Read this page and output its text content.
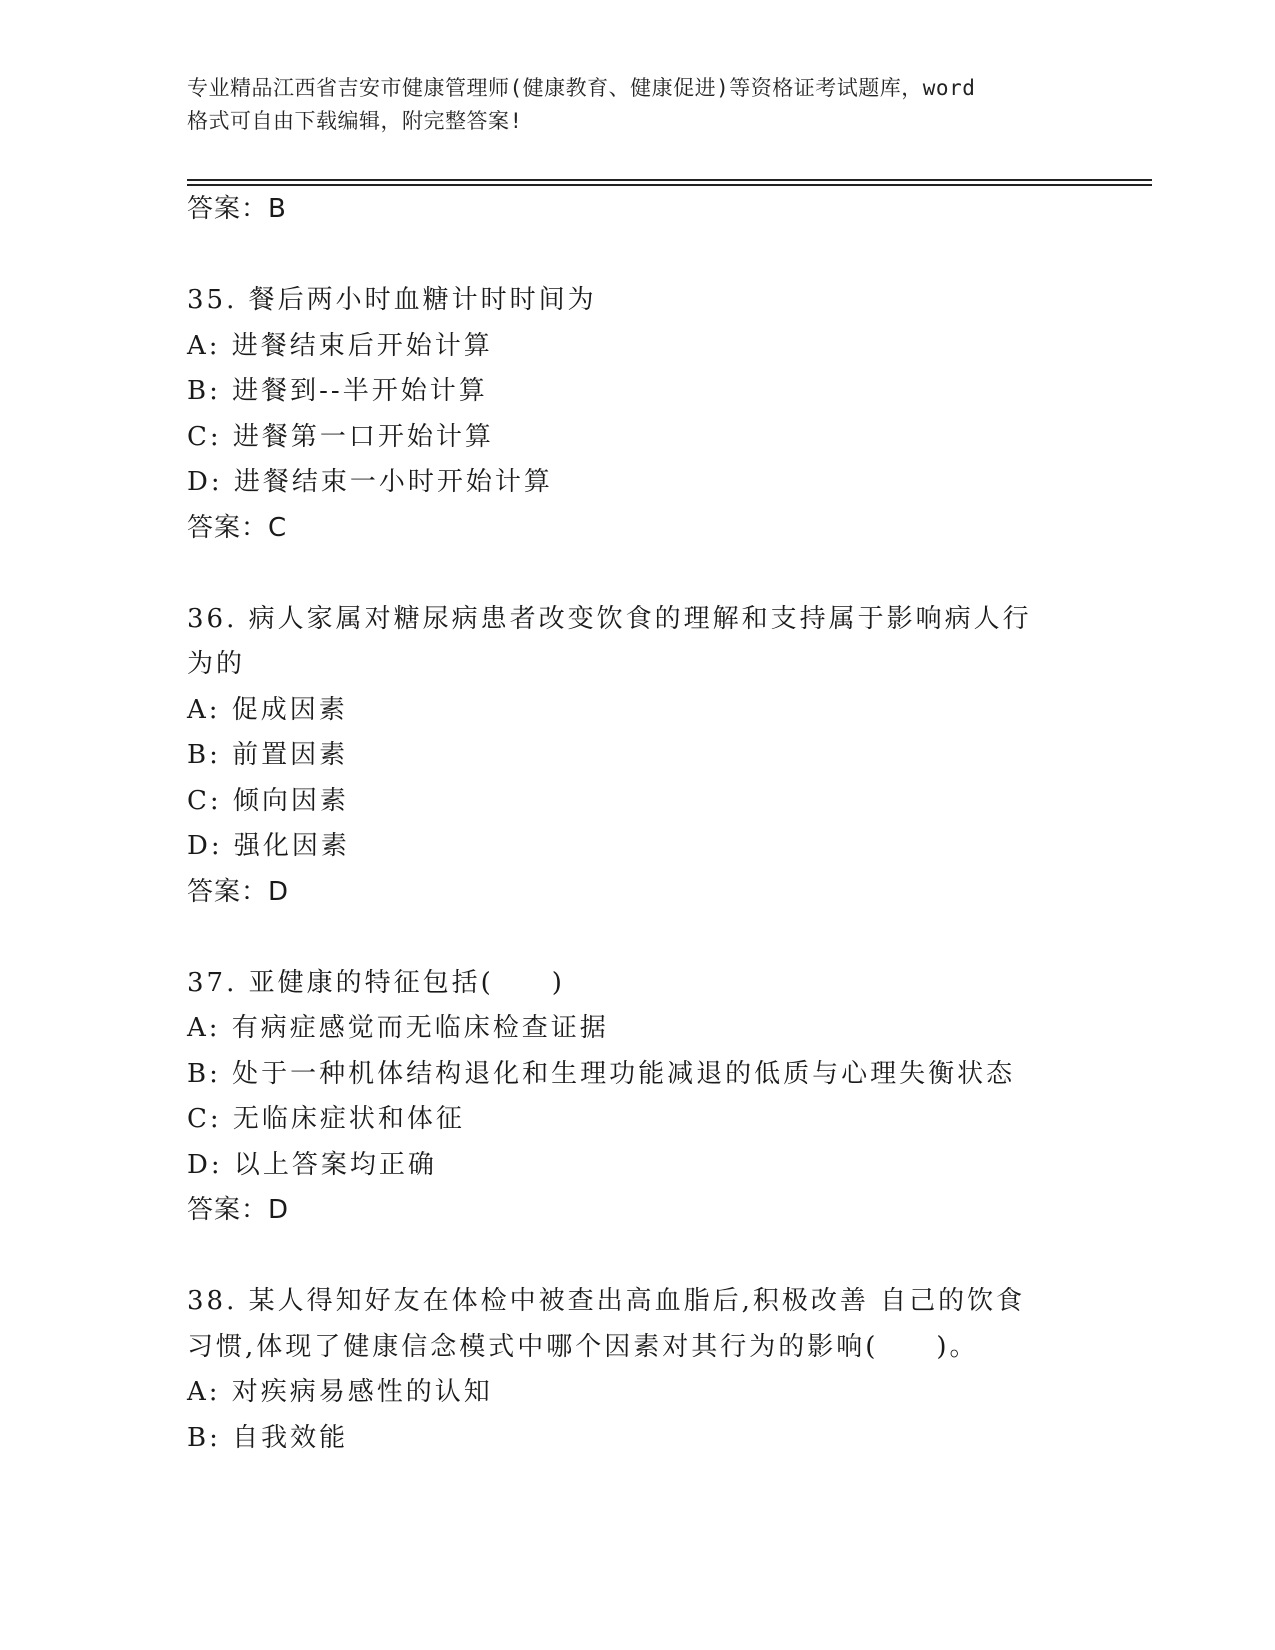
专业精品江西省吉安市健康管理师(健康教育、健康促进)等资格证考试题库，word
格式可自由下载编辑，附完整答案!
答案：B
35. 餐后两小时血糖计时时间为
A: 进餐结束后开始计算
B: 进餐到--半开始计算
C: 进餐第一口开始计算
D: 进餐结束一小时开始计算
答案：C
36. 病人家属对糖尿病患者改变饮食的理解和支持属于影响病人行为的
A: 促成因素
B: 前置因素
C: 倾向因素
D: 强化因素
答案：D
37. 亚健康的特征包括(　　)
A: 有病症感觉而无临床检查证据
B: 处于一种机体结构退化和生理功能减退的低质与心理失衡状态
C: 无临床症状和体征
D: 以上答案均正确
答案：D
38. 某人得知好友在体检中被查出高血脂后,积极改善 自己的饮食习惯,体现了健康信念模式中哪个因素对其行为的影响(　　)。
A: 对疾病易感性的认知
B: 自我效能
